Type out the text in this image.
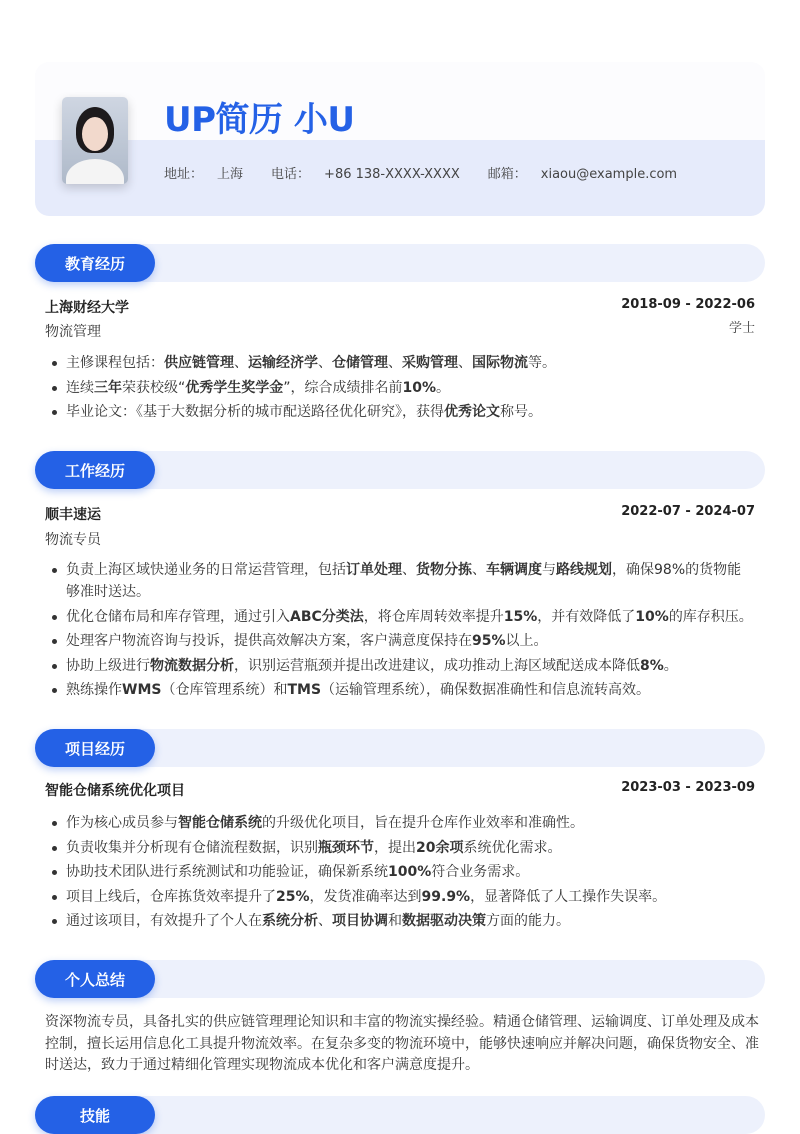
UP简历 小U
地址： 上海 电话： +86 138-XXXX-XXXX 邮箱： xiaou@example.com
教育经历
上海财经大学	2018-09 - 2022-06
物流管理	学士
主修课程包括：供应链管理、运输经济学、仓储管理、采购管理、国际物流等。
连续三年荣获校级“优秀学生奖学金”，综合成绩排名前10%。
毕业论文：《基于大数据分析的城市配送路径优化研究》，获得优秀论文称号。
工作经历
顺丰速运	2022-07 - 2024-07
物流专员
负责上海区域快递业务的日常运营管理，包括订单处理、货物分拣、车辆调度与路线规划，确保98%的货物能够准时送达。
优化仓储布局和库存管理，通过引入ABC分类法，将仓库周转效率提升15%，并有效降低了10%的库存积压。
处理客户物流咨询与投诉，提供高效解决方案，客户满意度保持在95%以上。
协助上级进行物流数据分析，识别运营瓶颈并提出改进建议，成功推动上海区域配送成本降低8%。
熟练操作WMS（仓库管理系统）和TMS（运输管理系统），确保数据准确性和信息流转高效。
项目经历
智能仓储系统优化项目	2023-03 - 2023-09
作为核心成员参与智能仓储系统的升级优化项目，旨在提升仓库作业效率和准确性。
负责收集并分析现有仓储流程数据，识别瓶颈环节，提出20余项系统优化需求。
协助技术团队进行系统测试和功能验证，确保新系统100%符合业务需求。
项目上线后，仓库拣货效率提升了25%，发货准确率达到99.9%，显著降低了人工操作失误率。
通过该项目，有效提升了个人在系统分析、项目协调和数据驱动决策方面的能力。
个人总结
资深物流专员，具备扎实的供应链管理理论知识和丰富的物流实操经验。精通仓储管理、运输调度、订单处理及成本控制，擅长运用信息化工具提升物流效率。在复杂多变的物流环境中，能够快速响应并解决问题，确保货物安全、准时送达，致力于通过精细化管理实现物流成本优化和客户满意度提升。
技能
